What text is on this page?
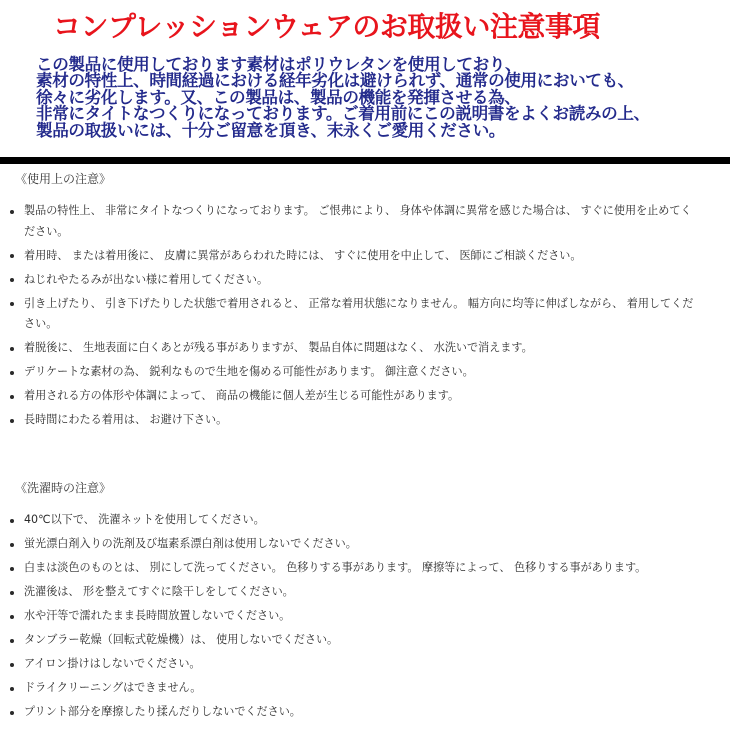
コンプレッションウェアのお取扱い注意事項
この製品に使用しております素材はポリウレタンを使用しており、
素材の特性上、時間経過における経年劣化は避けられず、通常の使用においても、
徐々に劣化します。又、この製品は、製品の機能を発揮させる為、
非常にタイトなつくりになっております。ご着用前にこの説明書をよくお読みの上、
製品の取扱いには、十分ご留意を頂き、末永くご愛用ください。
《使用上の注意》
製品の特性上、 非常にタイトなつくりになっております。 ご恨弗により、 身体や体調に異常を感じた場合は、 すぐに使用を止めてください。
着用時、 または着用後に、 皮膚に異常があらわれた時には、 すぐに使用を中止して、 医師にご相談ください。
ねじれやたるみが出ない様に着用してください。
引き上げたり、 引き下げたりした状態で着用されると、 正常な着用状態になりません。 幅方向に均等に伸ばしながら、 着用してください。
着脱後に、 生地表面に白くあとが残る事がありますが、 製品自体に問題はなく、 水洗いで消えます。
デリケートな素材の為、 鋭利なもので生地を傷める可能性があります。 御注意ください。
着用される方の体形や体調によって、 商品の機能に個人差が生じる可能性があります。
長時間にわたる着用は、 お避け下さい。
《洗濯時の注意》
40℃以下で、 洗濯ネットを使用してください。
蛍光漂白剤入りの洗剤及び塩素系漂白剤は使用しないでください。
白まは淡色のものとは、 別にして洗ってください。 色移りする事があります。 摩擦等によって、 色移りする事があります。
洗濯後は、 形を整えてすぐに陰干しをしてください。
水や汗等で濡れたまま長時間放置しないでください。
タンブラー乾燥（回転式乾燥機）は、 使用しないでください。
アイロン掛けはしないでください。
ドライクリーニングはできません。
プリント部分を摩擦したり揉んだりしないでください。
